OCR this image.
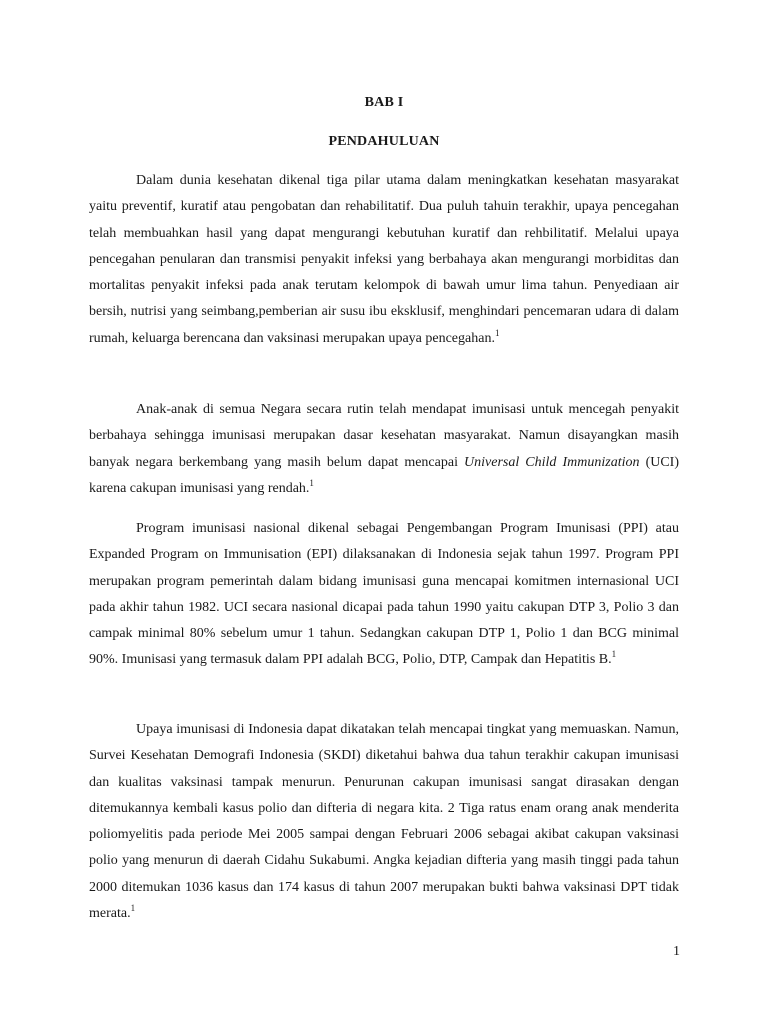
BAB I
PENDAHULUAN

Dalam dunia kesehatan dikenal tiga pilar utama dalam meningkatkan kesehatan masyarakat yaitu preventif, kuratif atau pengobatan dan rehabilitatif. Dua puluh tahuin terakhir, upaya pencegahan telah membuahkan hasil yang dapat mengurangi kebutuhan kuratif dan rehbilitatif. Melalui upaya pencegahan penularan dan transmisi penyakit infeksi yang berbahaya akan mengurangi morbiditas dan mortalitas penyakit infeksi pada anak terutam kelompok di bawah umur lima tahun. Penyediaan air bersih, nutrisi yang seimbang,pemberian air susu ibu eksklusif, menghindari pencemaran udara di dalam rumah, keluarga berencana dan vaksinasi merupakan upaya pencegahan.$^1$

Anak-anak di semua Negara secara rutin telah mendapat imunisasi untuk mencegah penyakit berbahaya sehingga imunisasi merupakan dasar kesehatan masyarakat. Namun disayangkan masih banyak negara berkembang yang masih belum dapat mencapai Universal Child Immunization (UCI) karena cakupan imunisasi yang rendah.$^1$

Program imunisasi nasional dikenal sebagai Pengembangan Program Imunisasi (PPI) atau Expanded Program on Immunisation (EPI) dilaksanakan di Indonesia sejak tahun 1997. Program PPI merupakan program pemerintah dalam bidang imunisasi guna mencapai komitmen internasional UCI pada akhir tahun 1982. UCI secara nasional dicapai pada tahun 1990 yaitu cakupan DTP 3, Polio 3 dan campak minimal 80% sebelum umur 1 tahun. Sedangkan cakupan DTP 1, Polio 1 dan BCG minimal 90%. Imunisasi yang termasuk dalam PPI adalah BCG, Polio, DTP, Campak dan Hepatitis B.$^1$

Upaya imunisasi di Indonesia dapat dikatakan telah mencapai tingkat yang memuaskan. Namun, Survei Kesehatan Demografi Indonesia (SKDI) diketahui bahwa dua tahun terakhir cakupan imunisasi dan kualitas vaksinasi tampak menurun. Penurunan cakupan imunisasi sangat dirasakan dengan ditemukannya kembali kasus polio dan difteria di negara kita. 2 Tiga ratus enam orang anak menderita poliomyelitis pada periode Mei 2005 sampai dengan Februari 2006 sebagai akibat cakupan vaksinasi polio yang menurun di daerah Cidahu Sukabumi. Angka kejadian difteria yang masih tinggi pada tahun 2000 ditemukan 1036 kasus dan 174 kasus di tahun 2007 merupakan bukti bahwa vaksinasi DPT tidak merata.$^1$

1
